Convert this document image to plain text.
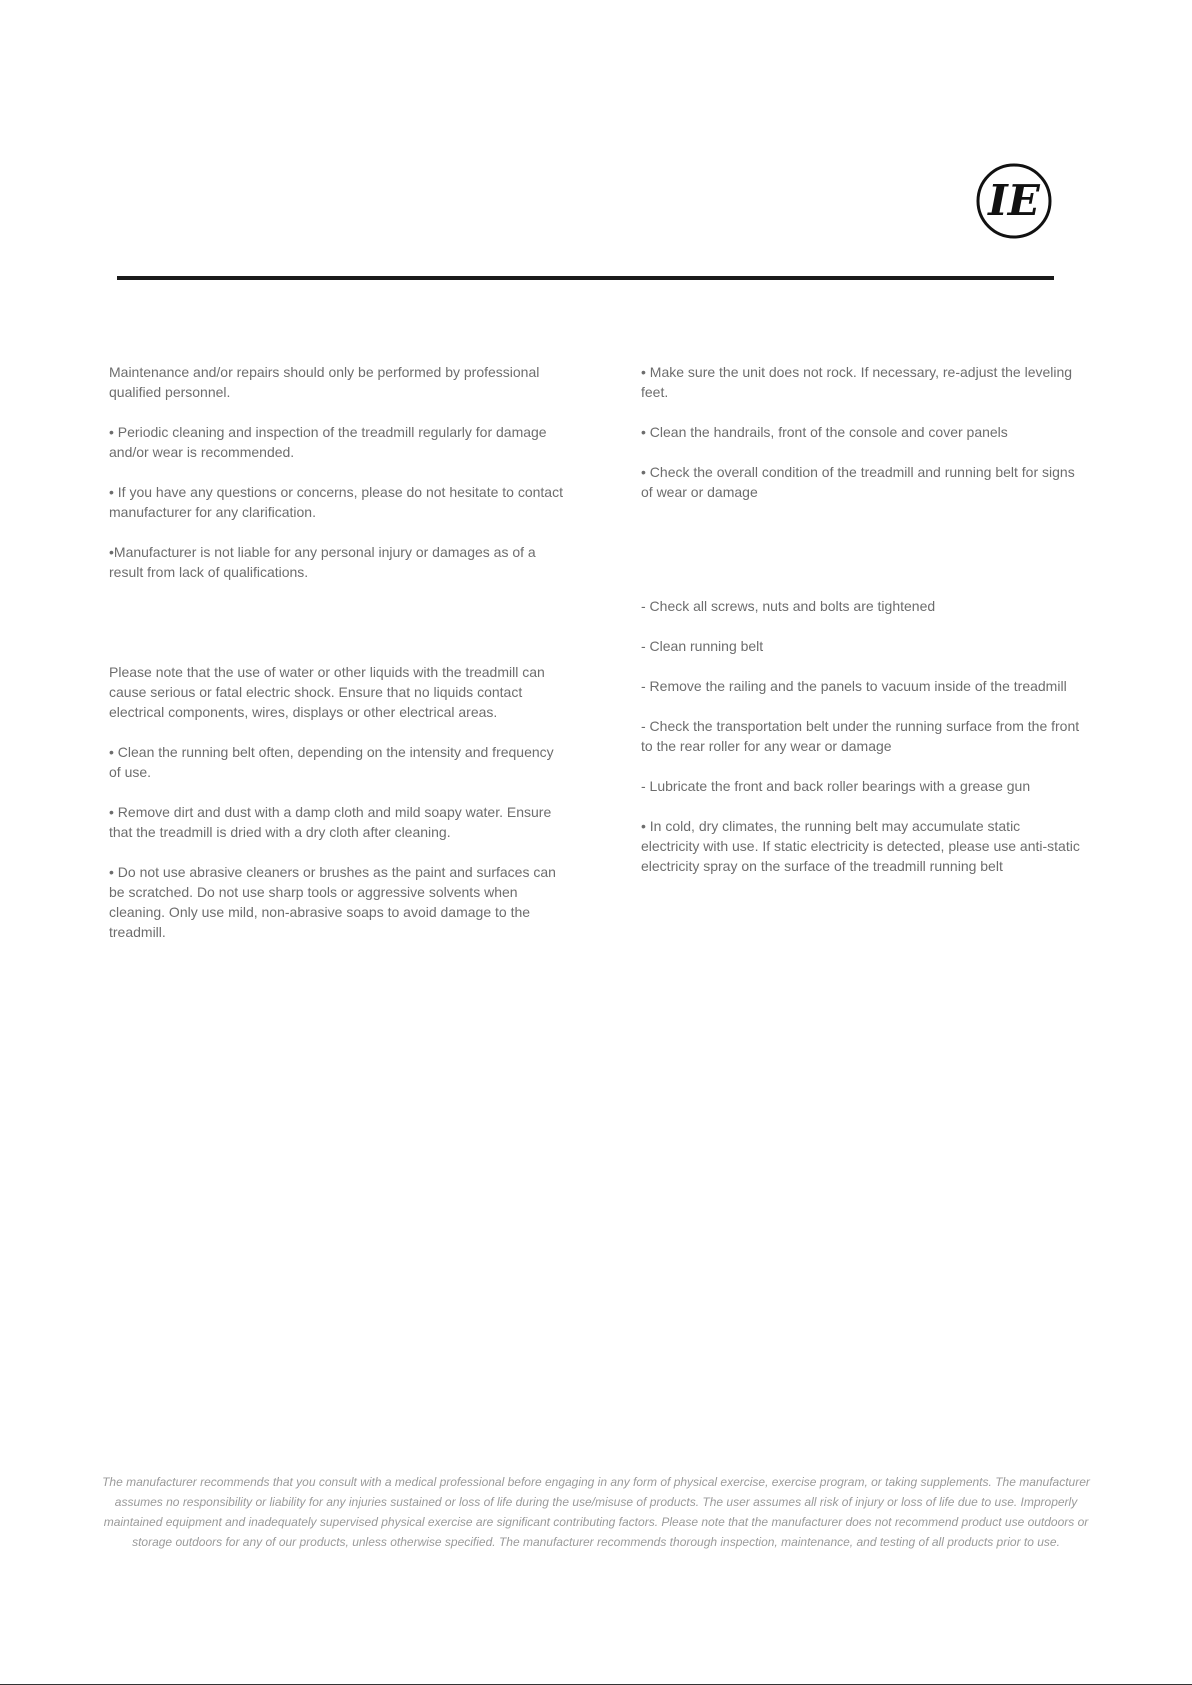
IE

Maintenance and/or repairs should only be performed by professional qualified personnel.

• Periodic cleaning and inspection of the treadmill regularly for damage and/or wear is recommended.

• If you have any questions or concerns, please do not hesitate to contact manufacturer for any clarification.

•Manufacturer is not liable for any personal injury or damages as of a result from lack of qualifications.

Please note that the use of water or other liquids with the treadmill can cause serious or fatal electric shock. Ensure that no liquids contact electrical components, wires, displays or other electrical areas.

• Clean the running belt often, depending on the intensity and frequency of use.

• Remove dirt and dust with a damp cloth and mild soapy water. Ensure that the treadmill is dried with a dry cloth after cleaning.

• Do not use abrasive cleaners or brushes as the paint and surfaces can be scratched. Do not use sharp tools or aggressive solvents when cleaning. Only use mild, non-abrasive soaps to avoid damage to the treadmill.

• Make sure the unit does not rock. If necessary, re-adjust the leveling feet.

• Clean the handrails, front of the console and cover panels

• Check the overall condition of the treadmill and running belt for signs of wear or damage

- Check all screws, nuts and bolts are tightened

- Clean running belt

- Remove the railing and the panels to vacuum inside of the treadmill

- Check the transportation belt under the running surface from the front to the rear roller for any wear or damage

- Lubricate the front and back roller bearings with a grease gun

• In cold, dry climates, the running belt may accumulate static electricity with use. If static electricity is detected, please use anti-static electricity spray on the surface of the treadmill running belt

The manufacturer recommends that you consult with a medical professional before engaging in any form of physical exercise, exercise program, or taking supplements. The manufacturer assumes no responsibility or liability for any injuries sustained or loss of life during the use/misuse of products. The user assumes all risk of injury or loss of life due to use. Improperly maintained equipment and inadequately supervised physical exercise are significant contributing factors. Please note that the manufacturer does not recommend product use outdoors or storage outdoors for any of our products, unless otherwise specified. The manufacturer recommends thorough inspection, maintenance, and testing of all products prior to use.
